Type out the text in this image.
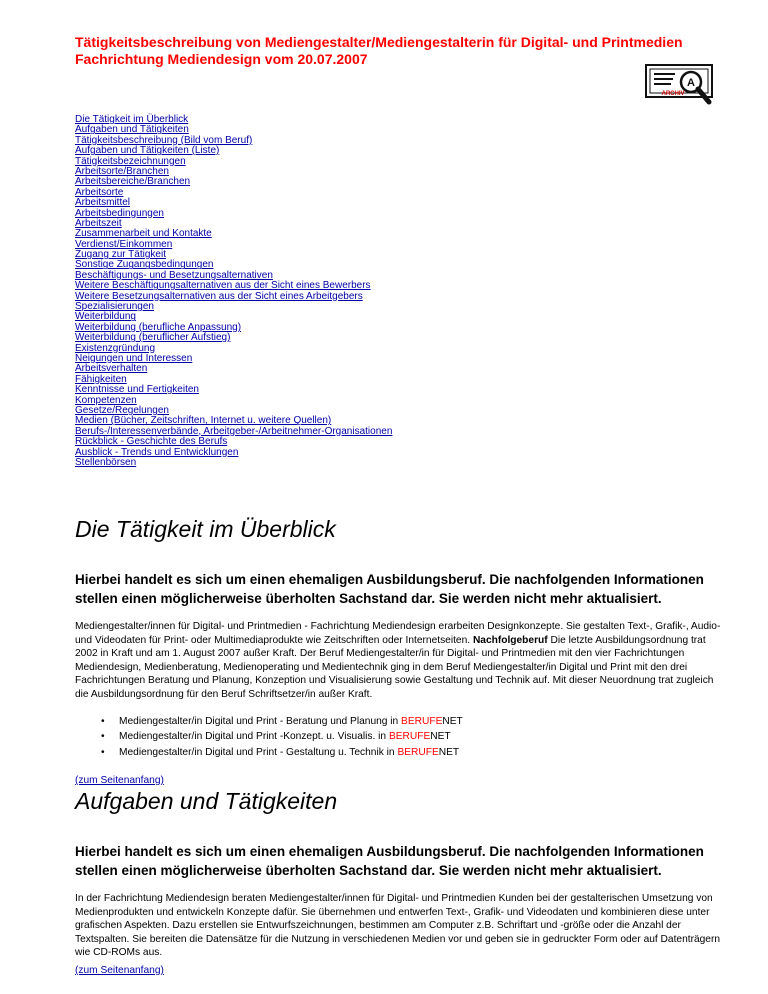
Tätigkeitsbeschreibung von Mediengestalter/Mediengestalterin für Digital- und Printmedien
Fachrichtung Mediendesign vom 20.07.2007
A
ARCHIV
Die Tätigkeit im Überblick
Aufgaben und Tätigkeiten
Tätigkeitsbeschreibung (Bild vom Beruf)
Aufgaben und Tätigkeiten (Liste)
Tätigkeitsbezeichnungen
Arbeitsorte/Branchen
Arbeitsbereiche/Branchen
Arbeitsorte
Arbeitsmittel
Arbeitsbedingungen
Arbeitszeit
Zusammenarbeit und Kontakte
Verdienst/Einkommen
Zugang zur Tätigkeit
Sonstige Zugangsbedingungen
Beschäftigungs- und Besetzungsalternativen
Weitere Beschäftigungsalternativen aus der Sicht eines Bewerbers
Weitere Besetzungsalternativen aus der Sicht eines Arbeitgebers
Spezialisierungen
Weiterbildung
Weiterbildung (berufliche Anpassung)
Weiterbildung (beruflicher Aufstieg)
Existenzgründung
Neigungen und Interessen
Arbeitsverhalten
Fähigkeiten
Kenntnisse und Fertigkeiten
Kompetenzen
Gesetze/Regelungen
Medien (Bücher, Zeitschriften, Internet u. weitere Quellen)
Berufs-/Interessenverbände, Arbeitgeber-/Arbeitnehmer-Organisationen
Rückblick - Geschichte des Berufs
Ausblick - Trends und Entwicklungen
Stellenbörsen
Die Tätigkeit im Überblick

Hierbei handelt es sich um einen ehemaligen Ausbildungsberuf. Die nachfolgenden Informationen stellen einen möglicherweise überholten Sachstand dar. Sie werden nicht mehr aktualisiert.

Mediengestalter/innen für Digital- und Printmedien - Fachrichtung Mediendesign erarbeiten Designkonzepte. Sie gestalten Text-, Grafik-, Audio- und Videodaten für Print- oder Multimediaprodukte wie Zeitschriften oder Internetseiten. Nachfolgeberuf Die letzte Ausbildungsordnung trat 2002 in Kraft und am 1. August 2007 außer Kraft. Der Beruf Mediengestalter/in für Digital- und Printmedien mit den vier Fachrichtungen Mediendesign, Medienberatung, Medienoperating und Medientechnik ging in dem Beruf Mediengestalter/in Digital und Print mit den drei Fachrichtungen Beratung und Planung, Konzeption und Visualisierung sowie Gestaltung und Technik auf. Mit dieser Neuordnung trat zugleich die Ausbildungsordnung für den Beruf Schriftsetzer/in außer Kraft.

• Mediengestalter/in Digital und Print - Beratung und Planung in BERUFENET
• Mediengestalter/in Digital und Print -Konzept. u. Visualis. in BERUFENET
• Mediengestalter/in Digital und Print - Gestaltung u. Technik in BERUFENET
(zum Seitenanfang)
Aufgaben und Tätigkeiten

Hierbei handelt es sich um einen ehemaligen Ausbildungsberuf. Die nachfolgenden Informationen stellen einen möglicherweise überholten Sachstand dar. Sie werden nicht mehr aktualisiert.

In der Fachrichtung Mediendesign beraten Mediengestalter/innen für Digital- und Printmedien Kunden bei der gestalterischen Umsetzung von Medienprodukten und entwickeln Konzepte dafür. Sie übernehmen und entwerfen Text-, Grafik- und Videodaten und kombinieren diese unter grafischen Aspekten. Dazu erstellen sie Entwurfszeichnungen, bestimmen am Computer z.B. Schriftart und -größe oder die Anzahl der Textspalten. Sie bereiten die Datensätze für die Nutzung in verschiedenen Medien vor und geben sie in gedruckter Form oder auf Datenträgern wie CD-ROMs aus.

(zum Seitenanfang)
